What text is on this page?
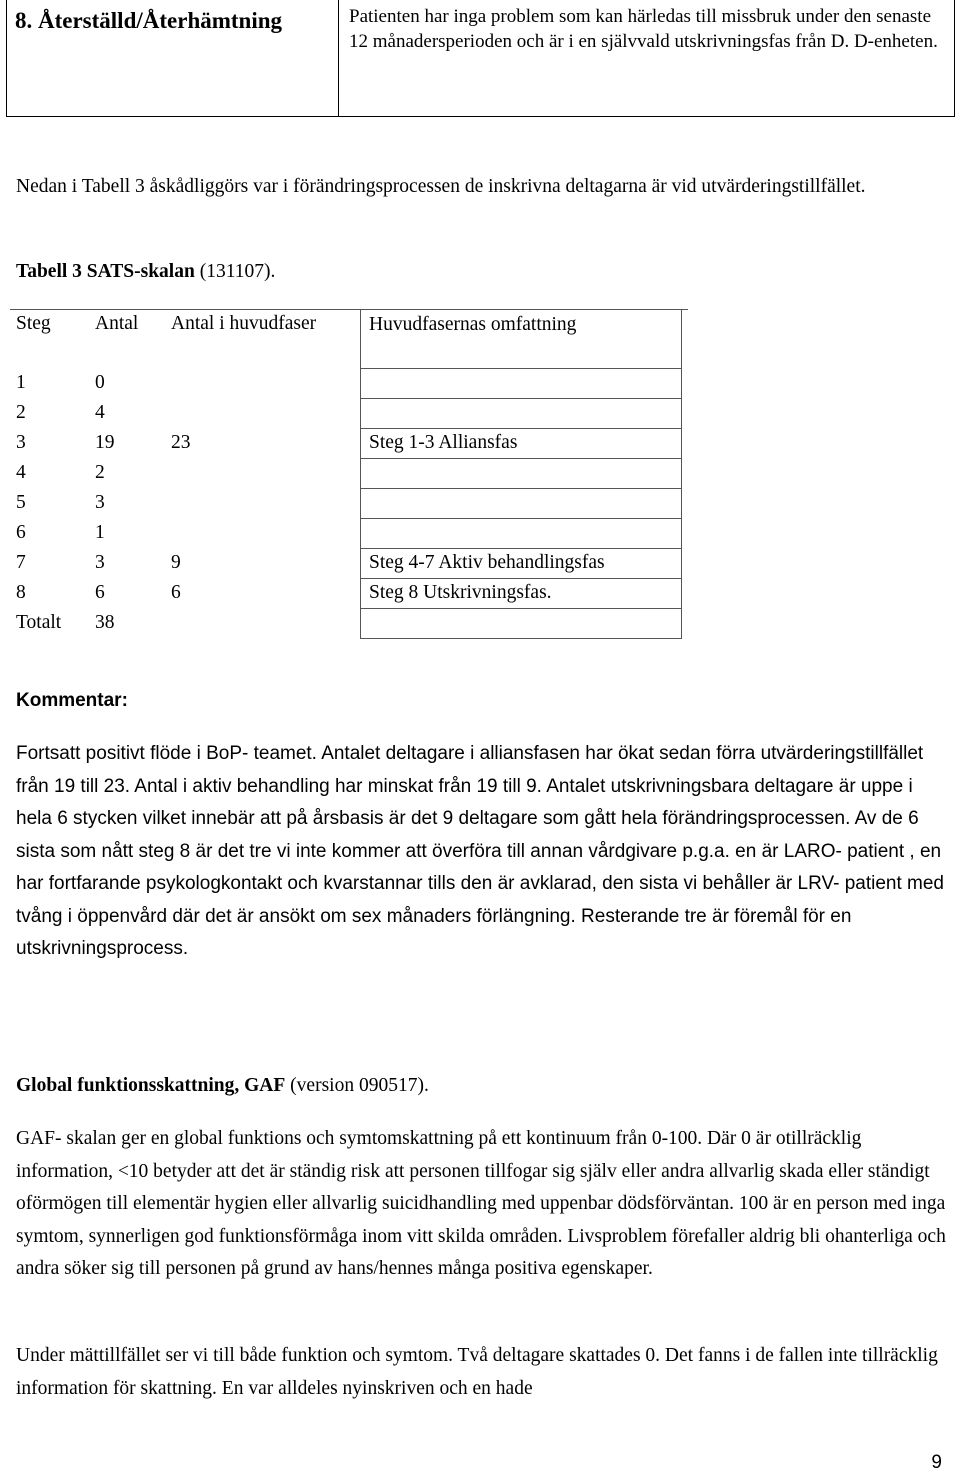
8. Återställd/Återhämtning	Patienten har inga problem som kan härledas till missbruk under den senaste 12 månadersperioden och är i en självvald utskrivningsfas från D. D-enheten.

Nedan i Tabell 3 åskådliggörs var i förändringsprocessen de inskrivna deltagarna är vid utvärderingstillfället.

Tabell 3 SATS-skalan (131107).

Steg	Antal	Antal i huvudfaser	Huvudfasernas omfattning
1	0		
2	4		
3	19	23	Steg 1-3 Alliansfas
4	2		
5	3		
6	1		
7	3	9	Steg 4-7 Aktiv behandlingsfas
8	6	6	Steg 8 Utskrivningsfas.
Totalt	38		

Kommentar:

Fortsatt positivt flöde i BoP- teamet. Antalet deltagare i alliansfasen har ökat sedan förra utvärderingstillfället från 19 till 23. Antal i aktiv behandling har minskat från 19 till 9. Antalet utskrivningsbara deltagare är uppe i hela 6 stycken vilket innebär att på årsbasis är det 9 deltagare som gått hela förändringsprocessen. Av de 6 sista som nått steg 8 är det tre vi inte kommer att överföra till annan vårdgivare p.g.a. en är LARO- patient , en har fortfarande psykologkontakt och kvarstannar tills den är avklarad, den sista vi behåller är LRV- patient med tvång i öppenvård där det är ansökt om sex månaders förlängning. Resterande tre är föremål för en utskrivningsprocess.

Global funktionsskattning, GAF (version 090517).

GAF- skalan ger en global funktions och symtomskattning på ett kontinuum från 0-100. Där 0 är otillräcklig information, <10 betyder att det är ständig risk att personen tillfogar sig själv eller andra allvarlig skada eller ständigt oförmögen till elementär hygien eller allvarlig suicidhandling med uppenbar dödsförväntan. 100 är en person med inga symtom, synnerligen god funktionsförmåga inom vitt skilda områden. Livsproblem förefaller aldrig bli ohanterliga och andra söker sig till personen på grund av hans/hennes många positiva egenskaper.

Under mättillfället ser vi till både funktion och symtom. Två deltagare skattades 0. Det fanns i de fallen inte tillräcklig information för skattning. En var alldeles nyinskriven och en hade

9
